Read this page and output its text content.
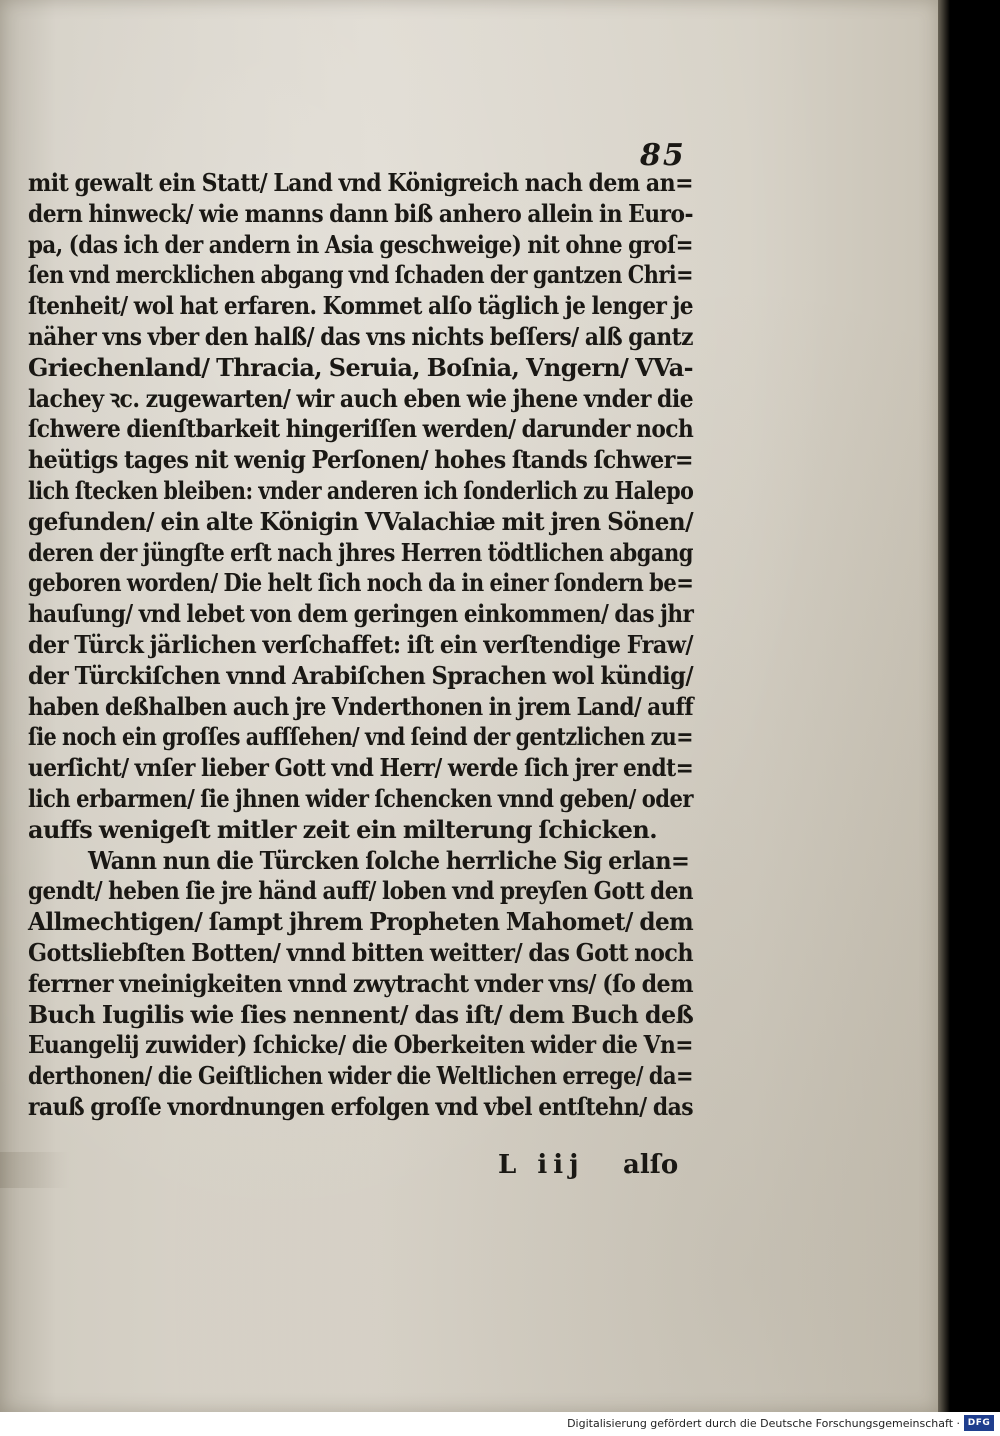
85
mit gewalt ein Statt/ Land vnd Königreich nach dem an=
dern hinweck/ wie manns dann biß anhero allein in Euro-
pa, (das ich der andern in Asia geschweige) nit ohne groſ=
ſen vnd mercklichen abgang vnd ſchaden der gantzen Chri=
ſtenheit/ wol hat erfaren. Kommet alſo täglich je lenger je
näher vns vber den halß/ das vns nichts beſſers/ alß gantz
Griechenland/ Thracia, Seruia, Boſnia, Vngern/ VVa-
lachey ꝛc. zugewarten/ wir auch eben wie jhene vnder die
ſchwere dienſtbarkeit hingeriſſen werden/ darunder noch
heütigs tages nit wenig Perſonen/ hohes ſtands ſchwer=
lich ſtecken bleiben: vnder anderen ich ſonderlich zu Halepo
gefunden/ ein alte Königin VValachiæ mit jren Sönen/
deren der jüngſte erſt nach jhres Herren tödtlichen abgang
geboren worden/ Die helt ſich noch da in einer ſondern be=
hauſung/ vnd lebet von dem geringen einkommen/ das jhr
der Türck järlichen verſchaffet: iſt ein verſtendige Fraw/
der Türckiſchen vnnd Arabiſchen Sprachen wol kündig/
haben deßhalben auch jre Vnderthonen in jrem Land/ auff
ſie noch ein groſſes aufſſehen/ vnd ſeind der gentzlichen zu=
uerſicht/ vnſer lieber Gott vnd Herr/ werde ſich jrer endt=
lich erbarmen/ ſie jhnen wider ſchencken vnnd geben/ oder
auffs wenigeſt mitler zeit ein milterung ſchicken.
Wann nun die Türcken ſolche herrliche Sig erlan=
gendt/ heben ſie jre händ auff/ loben vnd preyſen Gott den
Allmechtigen/ ſampt jhrem Propheten Mahomet/ dem
Gottsliebſten Botten/ vnnd bitten weitter/ das Gott noch
ferrner vneinigkeiten vnnd zwytracht vnder vns/ (ſo dem
Buch Iugilis wie ſies nennent/ das iſt/ dem Buch deß
Euangelij zuwider) ſchicke/ die Oberkeiten wider die Vn=
derthonen/ die Geiſtlichen wider die Weltlichen errege/ da=
rauß groſſe vnordnungen erfolgen vnd vbel entſtehn/ das
L iij alſo
Digitalisierung gefördert durch die Deutsche Forschungsgemeinschaft · DFG
